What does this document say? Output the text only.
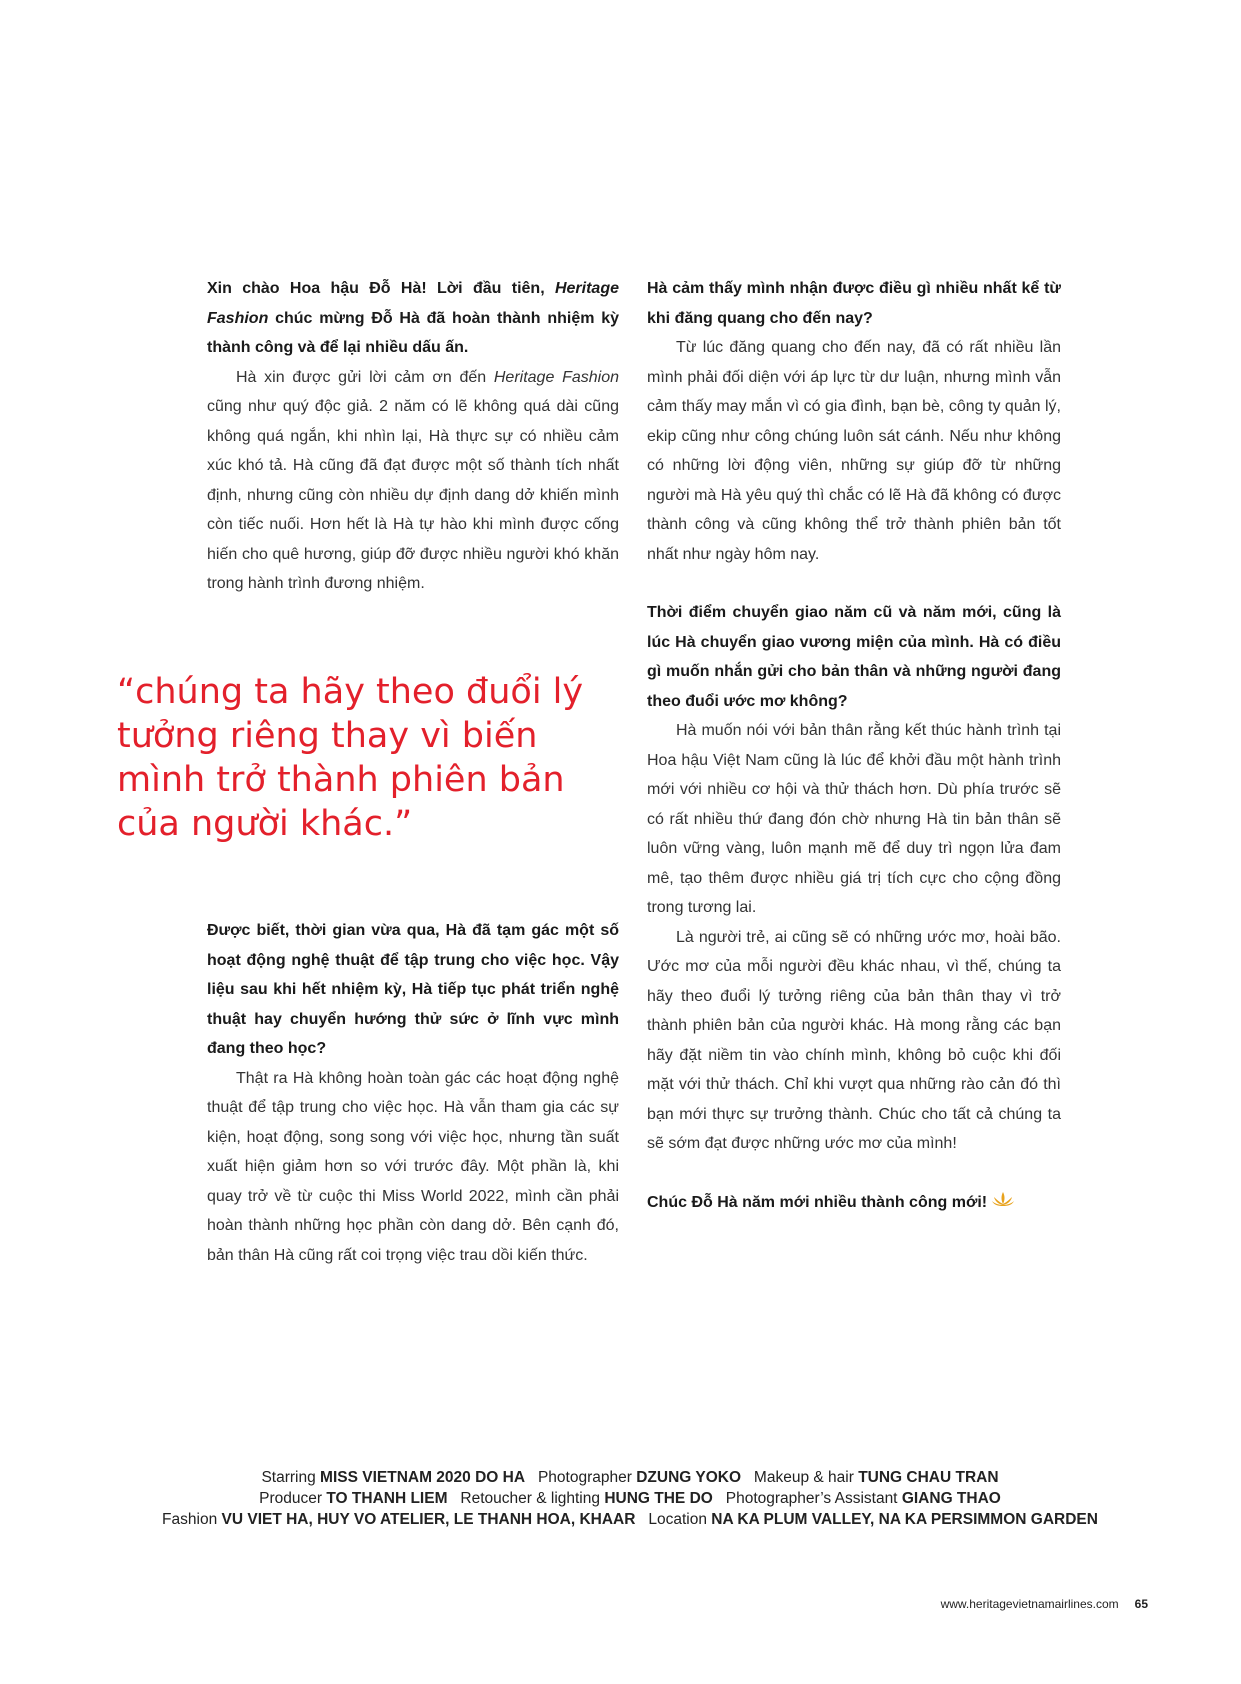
Xin chào Hoa hậu Đỗ Hà! Lời đầu tiên, Heritage Fashion chúc mừng Đỗ Hà đã hoàn thành nhiệm kỳ thành công và để lại nhiều dấu ấn.

Hà xin được gửi lời cảm ơn đến Heritage Fashion cũng như quý độc giả. 2 năm có lẽ không quá dài cũng không quá ngắn, khi nhìn lại, Hà thực sự có nhiều cảm xúc khó tả. Hà cũng đã đạt được một số thành tích nhất định, nhưng cũng còn nhiều dự định dang dở khiến mình còn tiếc nuối. Hơn hết là Hà tự hào khi mình được cống hiến cho quê hương, giúp đỡ được nhiều người khó khăn trong hành trình đương nhiệm.

“chúng ta hãy theo đuổi lý tưởng riêng thay vì biến mình trở thành phiên bản của người khác.”

Được biết, thời gian vừa qua, Hà đã tạm gác một số hoạt động nghệ thuật để tập trung cho việc học. Vậy liệu sau khi hết nhiệm kỳ, Hà tiếp tục phát triển nghệ thuật hay chuyển hướng thử sức ở lĩnh vực mình đang theo học?

Thật ra Hà không hoàn toàn gác các hoạt động nghệ thuật để tập trung cho việc học. Hà vẫn tham gia các sự kiện, hoạt động, song song với việc học, nhưng tần suất xuất hiện giảm hơn so với trước đây. Một phần là, khi quay trở về từ cuộc thi Miss World 2022, mình cần phải hoàn thành những học phần còn dang dở. Bên cạnh đó, bản thân Hà cũng rất coi trọng việc trau dồi kiến thức.

Hà cảm thấy mình nhận được điều gì nhiều nhất kể từ khi đăng quang cho đến nay?

Từ lúc đăng quang cho đến nay, đã có rất nhiều lần mình phải đối diện với áp lực từ dư luận, nhưng mình vẫn cảm thấy may mắn vì có gia đình, bạn bè, công ty quản lý, ekip cũng như công chúng luôn sát cánh. Nếu như không có những lời động viên, những sự giúp đỡ từ những người mà Hà yêu quý thì chắc có lẽ Hà đã không có được thành công và cũng không thể trở thành phiên bản tốt nhất như ngày hôm nay.

Thời điểm chuyển giao năm cũ và năm mới, cũng là lúc Hà chuyển giao vương miện của mình. Hà có điều gì muốn nhắn gửi cho bản thân và những người đang theo đuổi ước mơ không?

Hà muốn nói với bản thân rằng kết thúc hành trình tại Hoa hậu Việt Nam cũng là lúc để khởi đầu một hành trình mới với nhiều cơ hội và thử thách hơn. Dù phía trước sẽ có rất nhiều thứ đang đón chờ nhưng Hà tin bản thân sẽ luôn vững vàng, luôn mạnh mẽ để duy trì ngọn lửa đam mê, tạo thêm được nhiều giá trị tích cực cho cộng đồng trong tương lai.

Là người trẻ, ai cũng sẽ có những ước mơ, hoài bão. Ước mơ của mỗi người đều khác nhau, vì thế, chúng ta hãy theo đuổi lý tưởng riêng của bản thân thay vì trở thành phiên bản của người khác. Hà mong rằng các bạn hãy đặt niềm tin vào chính mình, không bỏ cuộc khi đối mặt với thử thách. Chỉ khi vượt qua những rào cản đó thì bạn mới thực sự trưởng thành. Chúc cho tất cả chúng ta sẽ sớm đạt được những ước mơ của mình!

Chúc Đỗ Hà năm mới nhiều thành công mới!

Starring MISS VIETNAM 2020 DO HA Photographer DZUNG YOKO Makeup & hair TUNG CHAU TRAN
Producer TO THANH LIEM Retoucher & lighting HUNG THE DO Photographer’s Assistant GIANG THAO
Fashion VU VIET HA, HUY VO ATELIER, LE THANH HOA, KHAAR Location NA KA PLUM VALLEY, NA KA PERSIMMON GARDEN
www.heritagevietnamairlines.com 65
